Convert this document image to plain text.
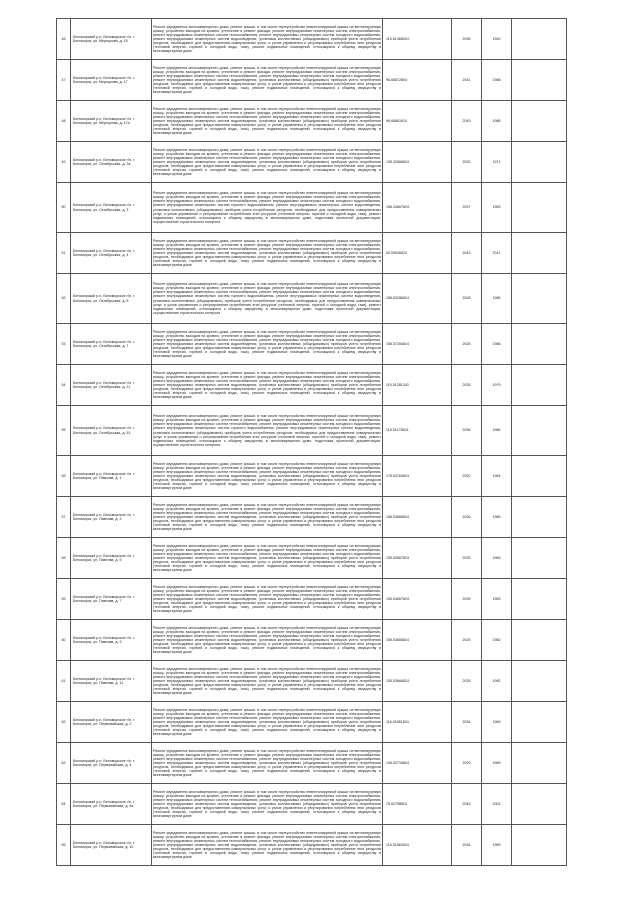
46	Беломорский р-н, Беломорское г/п, г. Беломорск, ул. Мерецкова, д. 15	Ремонт фундамента многоквартирного дома, ремонт крыши, в том числе переустройство невентилируемой крыши на вентилируемую крышу, устройство выходов на кровлю, утепление и ремонт фасада, ремонт внутридомовых инженерных систем электроснабжения, ремонт внутридомовых инженерных систем теплоснабжения, ремонт внутридомовых инженерных систем холодного водоснабжения, ремонт внутридомовых инженерных систем водоотведения, установка коллективных (общедомовых) приборов учета потребления ресурсов, необходимых для предоставления коммунальных услуг, и узлов управления и регулирования потребления этих ресурсов (тепловой энергии, горячей и холодной воды, газа), ремонт подвальных помещений, относящихся к общему имуществу в многоквартирном доме	115.61468024	2035	1940	
47	Беломорский р-н, Беломорское г/п, г. Беломорск, ул. Мерецкова, д. 17	Ремонт фундамента многоквартирного дома, ремонт крыши, в том числе переустройство невентилируемой крыши на вентилируемую крышу, устройство выходов на кровлю, утепление и ремонт фасада, ремонт внутридомовых инженерных систем электроснабжения, ремонт внутридомовых инженерных систем теплоснабжения, ремонт внутридомовых инженерных систем холодного водоснабжения, ремонт внутридомовых инженерных систем водоотведения, установка коллективных (общедомовых) приборов учета потребления ресурсов, необходимых для предоставления коммунальных услуг, и узлов управления и регулирования потребления этих ресурсов (тепловой энергии, горячей и холодной воды, газа), ремонт подвальных помещений, относящихся к общему имуществу в многоквартирном доме	96.66872804	2041	1988	
48	Беломорский р-н, Беломорское г/п, г. Беломорск, ул. Мерецкова, д. 17а	Ремонт фундамента многоквартирного дома, ремонт крыши, в том числе переустройство невентилируемой крыши на вентилируемую крышу, устройство выходов на кровлю, утепление и ремонт фасада, ремонт внутридомовых инженерных систем электроснабжения, ремонт внутридомовых инженерных систем теплоснабжения, ремонт внутридомовых инженерных систем холодного водоснабжения, ремонт внутридомовых инженерных систем водоотведения, установка коллективных (общедомовых) приборов учета потребления ресурсов, необходимых для предоставления коммунальных услуг, и узлов управления и регулирования потребления этих ресурсов (тепловой энергии, горячей и холодной воды, газа), ремонт подвальных помещений, относящихся к общему имуществу в многоквартирном доме	96.66861624	2043	1986	
49	Беломорский р-н, Беломорское г/п, г. Беломорск, ул. Октябрьская, д. 2а	Ремонт фундамента многоквартирного дома, ремонт крыши, в том числе переустройство невентилируемой крыши на вентилируемую крышу, устройство выходов на кровлю, утепление и ремонт фасада, ремонт внутридомовых инженерных систем электроснабжения, ремонт внутридомовых инженерных систем теплоснабжения, ремонт внутридомовых инженерных систем холодного водоснабжения, ремонт внутридомовых инженерных систем водоотведения, установка коллективных (общедомовых) приборов учета потребления ресурсов, необходимых для предоставления коммунальных услуг, и узлов управления и регулирования потребления этих ресурсов (тепловой энергии, горячей и холодной воды, газа), ремонт подвальных помещений, относящихся к общему имуществу в многоквартирном доме	135.32666824	2032	1971	
50	Беломорский р-н, Беломорское г/п, г. Беломорск, ул. Октябрьская, д. 3	Ремонт фундамента многоквартирного дома, ремонт крыши, в том числе переустройство невентилируемой крыши на вентилируемую крышу, устройство выходов на кровлю, утепление и ремонт фасада, ремонт внутридомовых инженерных систем электроснабжения, ремонт внутридомовых инженерных систем теплоснабжения, ремонт внутридомовых инженерных систем холодного водоснабжения, ремонт внутридомовых инженерных систем горячего водоснабжения, ремонт внутридомовых инженерных систем водоотведения, установка коллективных (общедомовых) приборов учета потребления ресурсов, необходимых для предоставления коммунальных услуг, и узлов управления и регулирования потребления этих ресурсов (тепловой энергии, горячей и холодной воды, газа), ремонт подвальных помещений, относящихся к общему имуществу в многоквартирном доме, подготовка проектной документации, осуществление строительного контроля	156.33667824	2027	1983	
51	Беломорский р-н, Беломорское г/п, г. Беломорск, ул. Октябрьская, д. 4	Ремонт фундамента многоквартирного дома, ремонт крыши, в том числе переустройство невентилируемой крыши на вентилируемую крышу, устройство выходов на кровлю, утепление и ремонт фасада, ремонт внутридомовых инженерных систем электроснабжения, ремонт внутридомовых инженерных систем теплоснабжения, ремонт внутридомовых инженерных систем холодного водоснабжения, ремонт внутридомовых инженерных систем водоотведения, установка коллективных (общедомовых) приборов учета потребления ресурсов, необходимых для предоставления коммунальных услуг, и узлов управления и регулирования потребления этих ресурсов (тепловой энергии, горячей и холодной воды, газа), ремонт подвальных помещений, относящихся к общему имуществу в многоквартирном доме	40.53946824	2043	2011	
52	Беломорский р-н, Беломорское г/п, г. Беломорск, ул. Октябрьская, д. 5	Ремонт фундамента многоквартирного дома, ремонт крыши, в том числе переустройство невентилируемой крыши на вентилируемую крышу, устройство выходов на кровлю, утепление и ремонт фасада, ремонт внутридомовых инженерных систем электроснабжения, ремонт внутридомовых инженерных систем теплоснабжения, ремонт внутридомовых инженерных систем холодного водоснабжения, ремонт внутридомовых инженерных систем горячего водоснабжения, ремонт внутридомовых инженерных систем водоотведения, установка коллективных (общедомовых) приборов учета потребления ресурсов, необходимых для предоставления коммунальных услуг, и узлов управления и регулирования потребления этих ресурсов (тепловой энергии, горячей и холодной воды, газа), ремонт подвальных помещений, относящихся к общему имуществу в многоквартирном доме, подготовка проектной документации, осуществление строительного контроля	156.63286824	2028	1985	
53	Беломорский р-н, Беломорское г/п, г. Беломорск, ул. Октябрьская, д. 7	Ремонт фундамента многоквартирного дома, ремонт крыши, в том числе переустройство невентилируемой крыши на вентилируемую крышу, устройство выходов на кровлю, утепление и ремонт фасада, ремонт внутридомовых инженерных систем электроснабжения, ремонт внутридомовых инженерных систем теплоснабжения, ремонт внутридомовых инженерных систем холодного водоснабжения, ремонт внутридомовых инженерных систем водоотведения, установка коллективных (общедомовых) приборов учета потребления ресурсов, необходимых для предоставления коммунальных услуг, и узлов управления и регулирования потребления этих ресурсов (тепловой энергии, горячей и холодной воды, газа), ремонт подвальных помещений, относящихся к общему имуществу в многоквартирном доме	156.57284824	2028	1986	
54	Беломорский р-н, Беломорское г/п, г. Беломорск, ул. Октябрьская, д. 21	Ремонт фундамента многоквартирного дома, ремонт крыши, в том числе переустройство невентилируемой крыши на вентилируемую крышу, устройство выходов на кровлю, утепление и ремонт фасада, ремонт внутридомовых инженерных систем электроснабжения, ремонт внутридомовых инженерных систем теплоснабжения, ремонт внутридомовых инженерных систем холодного водоснабжения, ремонт внутридомовых инженерных систем водоотведения, установка коллективных (общедомовых) приборов учета потребления ресурсов, необходимых для предоставления коммунальных услуг, и узлов управления и регулирования потребления этих ресурсов (тепловой энергии, горячей и холодной воды, газа), ремонт подвальных помещений, относящихся к общему имуществу в многоквартирном доме	115.51281343	2035	1979	
55	Беломорский р-н, Беломорское г/п, г. Беломорск, ул. Октябрьская, д. 53	Ремонт фундамента многоквартирного дома, ремонт крыши, в том числе переустройство невентилируемой крыши на вентилируемую крышу, устройство выходов на кровлю, утепление и ремонт фасада, ремонт внутридомовых инженерных систем электроснабжения, ремонт внутридомовых инженерных систем теплоснабжения, ремонт внутридомовых инженерных систем холодного водоснабжения, ремонт внутридомовых инженерных систем горячего водоснабжения, ремонт внутридомовых инженерных систем водоотведения, установка коллективных (общедомовых) приборов учета потребления ресурсов, необходимых для предоставления коммунальных услуг, и узлов управления и регулирования потребления этих ресурсов (тепловой энергии, горячей и холодной воды, газа), ремонт подвальных помещений, относящихся к общему имуществу в многоквартирном доме, подготовка проектной документации, осуществление строительного контроля	115.51175824	2036	1985	
56	Беломорский р-н, Беломорское г/п, г. Беломорск, ул. Павлова, д. 1	Ремонт фундамента многоквартирного дома, ремонт крыши, в том числе переустройство невентилируемой крыши на вентилируемую крышу, устройство выходов на кровлю, утепление и ремонт фасада, ремонт внутридомовых инженерных систем электроснабжения, ремонт внутридомовых инженерных систем теплоснабжения, ремонт внутридомовых инженерных систем холодного водоснабжения, ремонт внутридомовых инженерных систем водоотведения, установка коллективных (общедомовых) приборов учета потребления ресурсов, необходимых для предоставления коммунальных услуг, и узлов управления и регулирования потребления этих ресурсов (тепловой энергии, горячей и холодной воды, газа), ремонт подвальных помещений, относящихся к общему имуществу в многоквартирном доме	176.54764824	2022	1984	
57	Беломорский р-н, Беломорское г/п, г. Беломорск, ул. Павлова, д. 3	Ремонт фундамента многоквартирного дома, ремонт крыши, в том числе переустройство невентилируемой крыши на вентилируемую крышу, устройство выходов на кровлю, утепление и ремонт фасада, ремонт внутридомовых инженерных систем электроснабжения, ремонт внутридомовых инженерных систем теплоснабжения, ремонт внутридомовых инженерных систем холодного водоснабжения, ремонт внутридомовых инженерных систем водоотведения, установка коллективных (общедомовых) приборов учета потребления ресурсов, необходимых для предоставления коммунальных услуг, и узлов управления и регулирования потребления этих ресурсов (тепловой энергии, горячей и холодной воды, газа), ремонт подвальных помещений, относящихся к общему имуществу в многоквартирном доме	156.53668824	2026	1985	
58	Беломорский р-н, Беломорское г/п, г. Беломорск, ул. Павлова, д. 5	Ремонт фундамента многоквартирного дома, ремонт крыши, в том числе переустройство невентилируемой крыши на вентилируемую крышу, устройство выходов на кровлю, утепление и ремонт фасада, ремонт внутридомовых инженерных систем электроснабжения, ремонт внутридомовых инженерных систем теплоснабжения, ремонт внутридомовых инженерных систем холодного водоснабжения, ремонт внутридомовых инженерных систем водоотведения, установка коллективных (общедомовых) приборов учета потребления ресурсов, необходимых для предоставления коммунальных услуг, и узлов управления и регулирования потребления этих ресурсов (тепловой энергии, горячей и холодной воды, газа), ремонт подвальных помещений, относящихся к общему имуществу в многоквартирном доме	155.53667824	2025	1983	
59	Беломорский р-н, Беломорское г/п, г. Беломорск, ул. Павлова, д. 7	Ремонт фундамента многоквартирного дома, ремонт крыши, в том числе переустройство невентилируемой крыши на вентилируемую крышу, устройство выходов на кровлю, утепление и ремонт фасада, ремонт внутридомовых инженерных систем электроснабжения, ремонт внутридомовых инженерных систем теплоснабжения, ремонт внутридомовых инженерных систем холодного водоснабжения, ремонт внутридомовых инженерных систем водоотведения, установка коллективных (общедомовых) приборов учета потребления ресурсов, необходимых для предоставления коммунальных услуг, и узлов управления и регулирования потребления этих ресурсов (тепловой энергии, горячей и холодной воды, газа), ремонт подвальных помещений, относящихся к общему имуществу в многоквартирном доме	155.53667824	2025	1983	
60	Беломорский р-н, Беломорское г/п, г. Беломорск, ул. Павлова, д. 9	Ремонт фундамента многоквартирного дома, ремонт крыши, в том числе переустройство невентилируемой крыши на вентилируемую крышу, устройство выходов на кровлю, утепление и ремонт фасада, ремонт внутридомовых инженерных систем электроснабжения, ремонт внутридомовых инженерных систем теплоснабжения, ремонт внутридомовых инженерных систем холодного водоснабжения, ремонт внутридомовых инженерных систем водоотведения, установка коллективных (общедомовых) приборов учета потребления ресурсов, необходимых для предоставления коммунальных услуг, и узлов управления и регулирования потребления этих ресурсов (тепловой энергии, горячей и холодной воды, газа), ремонт подвальных помещений, относящихся к общему имуществу в многоквартирном доме	155.53666824	2025	1982	
61	Беломорский р-н, Беломорское г/п, г. Беломорск, ул. Павлова, д. 11	Ремонт фундамента многоквартирного дома, ремонт крыши, в том числе переустройство невентилируемой крыши на вентилируемую крышу, устройство выходов на кровлю, утепление и ремонт фасада, ремонт внутридомовых инженерных систем электроснабжения, ремонт внутридомовых инженерных систем теплоснабжения, ремонт внутридомовых инженерных систем холодного водоснабжения, ремонт внутридомовых инженерных систем водоотведения, установка коллективных (общедомовых) приборов учета потребления ресурсов, необходимых для предоставления коммунальных услуг, и узлов управления и регулирования потребления этих ресурсов (тепловой энергии, горячей и холодной воды, газа), ремонт подвальных помещений, относящихся к общему имуществу в многоквартирном доме	155.53666824	2025	1982	
62	Беломорский р-н, Беломорское г/п, г. Беломорск, ул. Первомайская, д. 2	Ремонт фундамента многоквартирного дома, ремонт крыши, в том числе переустройство невентилируемой крыши на вентилируемую крышу, устройство выходов на кровлю, утепление и ремонт фасада, ремонт внутридомовых инженерных систем электроснабжения, ремонт внутридомовых инженерных систем теплоснабжения, ремонт внутридомовых инженерных систем холодного водоснабжения, ремонт внутридомовых инженерных систем водоотведения, установка коллективных (общедомовых) приборов учета потребления ресурсов, необходимых для предоставления коммунальных услуг, и узлов управления и регулирования потребления этих ресурсов (тепловой энергии, горячей и холодной воды, газа), ремонт подвальных помещений, относящихся к общему имуществу в многоквартирном доме	116.51661824	2034	1969	
63	Беломорский р-н, Беломорское г/п, г. Беломорск, ул. Первомайская, д. 4	Ремонт фундамента многоквартирного дома, ремонт крыши, в том числе переустройство невентилируемой крыши на вентилируемую крышу, устройство выходов на кровлю, утепление и ремонт фасада, ремонт внутридомовых инженерных систем электроснабжения, ремонт внутридомовых инженерных систем теплоснабжения, ремонт внутридомовых инженерных систем холодного водоснабжения, ремонт внутридомовых инженерных систем водоотведения, установка коллективных (общедомовых) приборов учета потребления ресурсов, необходимых для предоставления коммунальных услуг, и узлов управления и регулирования потребления этих ресурсов (тепловой энергии, горячей и холодной воды, газа), ремонт подвальных помещений, относящихся к общему имуществу в многоквартирном доме	136.53716824	2029	1989	
64	Беломорский р-н, Беломорское г/п, г. Беломорск, ул. Первомайская, д. 6а	Ремонт фундамента многоквартирного дома, ремонт крыши, в том числе переустройство невентилируемой крыши на вентилируемую крышу, устройство выходов на кровлю, утепление и ремонт фасада, ремонт внутридомовых инженерных систем электроснабжения, ремонт внутридомовых инженерных систем теплоснабжения, ремонт внутридомовых инженерных систем холодного водоснабжения, ремонт внутридомовых инженерных систем водоотведения, установка коллективных (общедомовых) приборов учета потребления ресурсов, необходимых для предоставления коммунальных услуг, и узлов управления и регулирования потребления этих ресурсов (тепловой энергии, горячей и холодной воды, газа), ремонт подвальных помещений, относящихся к общему имуществу в многоквартирном доме	75.53798824	2043	2002	
65	Беломорский р-н, Беломорское г/п, г. Беломорск, ул. Первомайская, д. 10	Ремонт фундамента многоквартирного дома, ремонт крыши, в том числе переустройство невентилируемой крыши на вентилируемую крышу, устройство выходов на кровлю, утепление и ремонт фасада, ремонт внутридомовых инженерных систем электроснабжения, ремонт внутридомовых инженерных систем теплоснабжения, ремонт внутридомовых инженерных систем холодного водоснабжения, ремонт внутридомовых инженерных систем водоотведения, установка коллективных (общедомовых) приборов учета потребления ресурсов, необходимых для предоставления коммунальных услуг, и узлов управления и регулирования потребления этих ресурсов (тепловой энергии, горячей и холодной воды, газа), ремонт подвальных помещений, относящихся к общему имуществу в многоквартирном доме	115.51662824	2034	1969	
